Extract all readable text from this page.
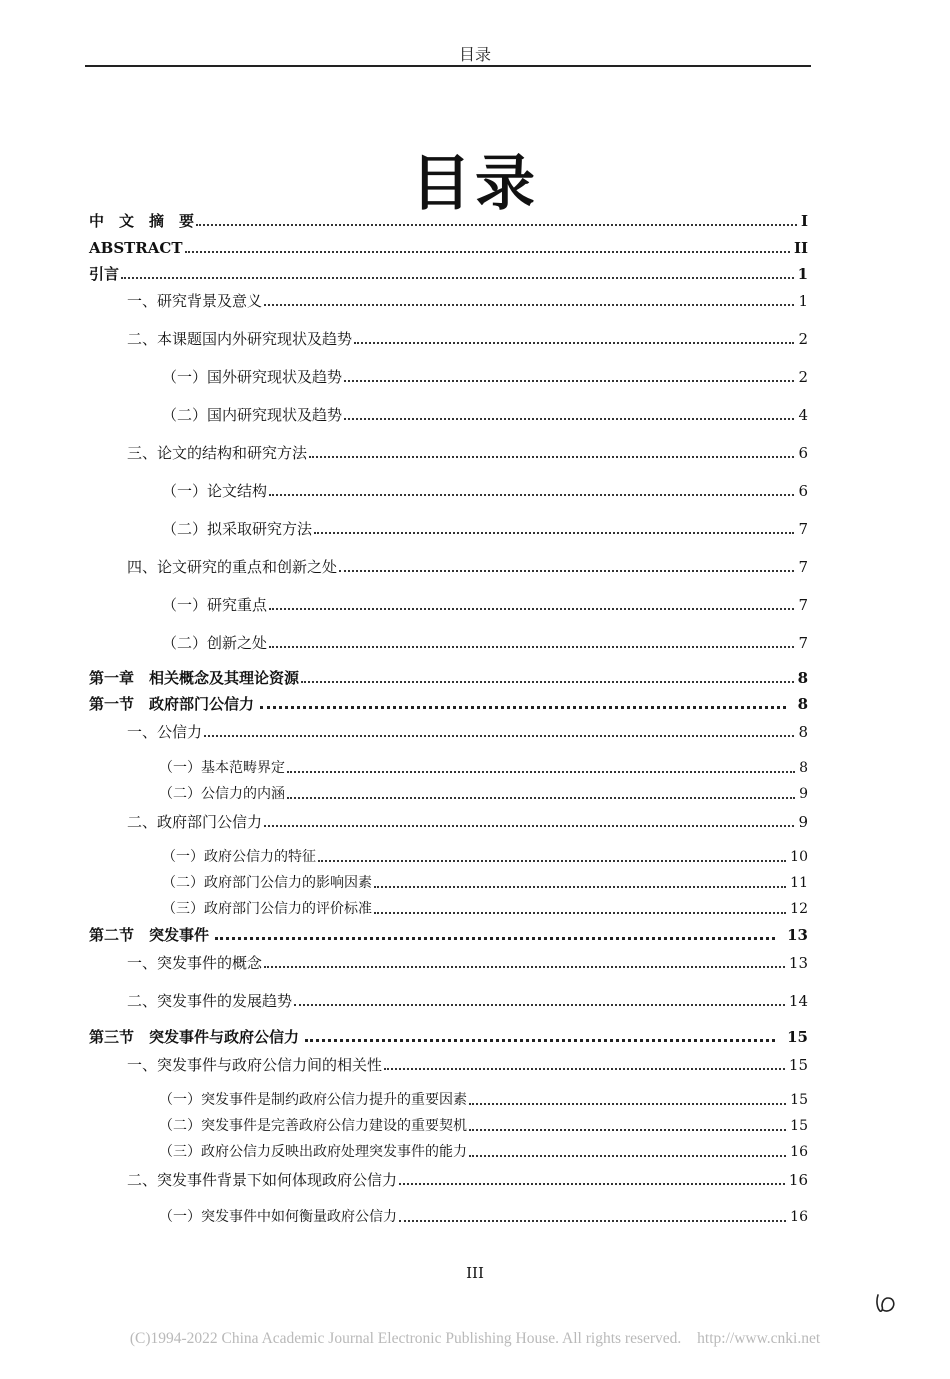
目录
目录
中　文　摘　要	I
ABSTRACT	II
引言	1
一、研究背景及意义	1
二、本课题国内外研究现状及趋势	2
（一）国外研究现状及趋势	2
（二）国内研究现状及趋势	4
三、论文的结构和研究方法	6
（一）论文结构	6
（二）拟采取研究方法	7
四、论文研究的重点和创新之处	7
（一）研究重点	7
（二）创新之处	7
第一章　相关概念及其理论资源	8
第一节　政府部门公信力	8
一、公信力	8
（一）基本范畴界定	8
（二）公信力的内涵	9
二、政府部门公信力	9
（一）政府公信力的特征	10
（二）政府部门公信力的影响因素	11
（三）政府部门公信力的评价标准	12
第二节　突发事件	13
一、突发事件的概念	13
二、突发事件的发展趋势	14
第三节　突发事件与政府公信力	15
一、突发事件与政府公信力间的相关性	15
（一）突发事件是制约政府公信力提升的重要因素	15
（二）突发事件是完善政府公信力建设的重要契机	15
（三）政府公信力反映出政府处理突发事件的能力	16
二、突发事件背景下如何体现政府公信力	16
（一）突发事件中如何衡量政府公信力	16
III
(C)1994-2022 China Academic Journal Electronic Publishing House. All rights reserved. http://www.cnki.net
